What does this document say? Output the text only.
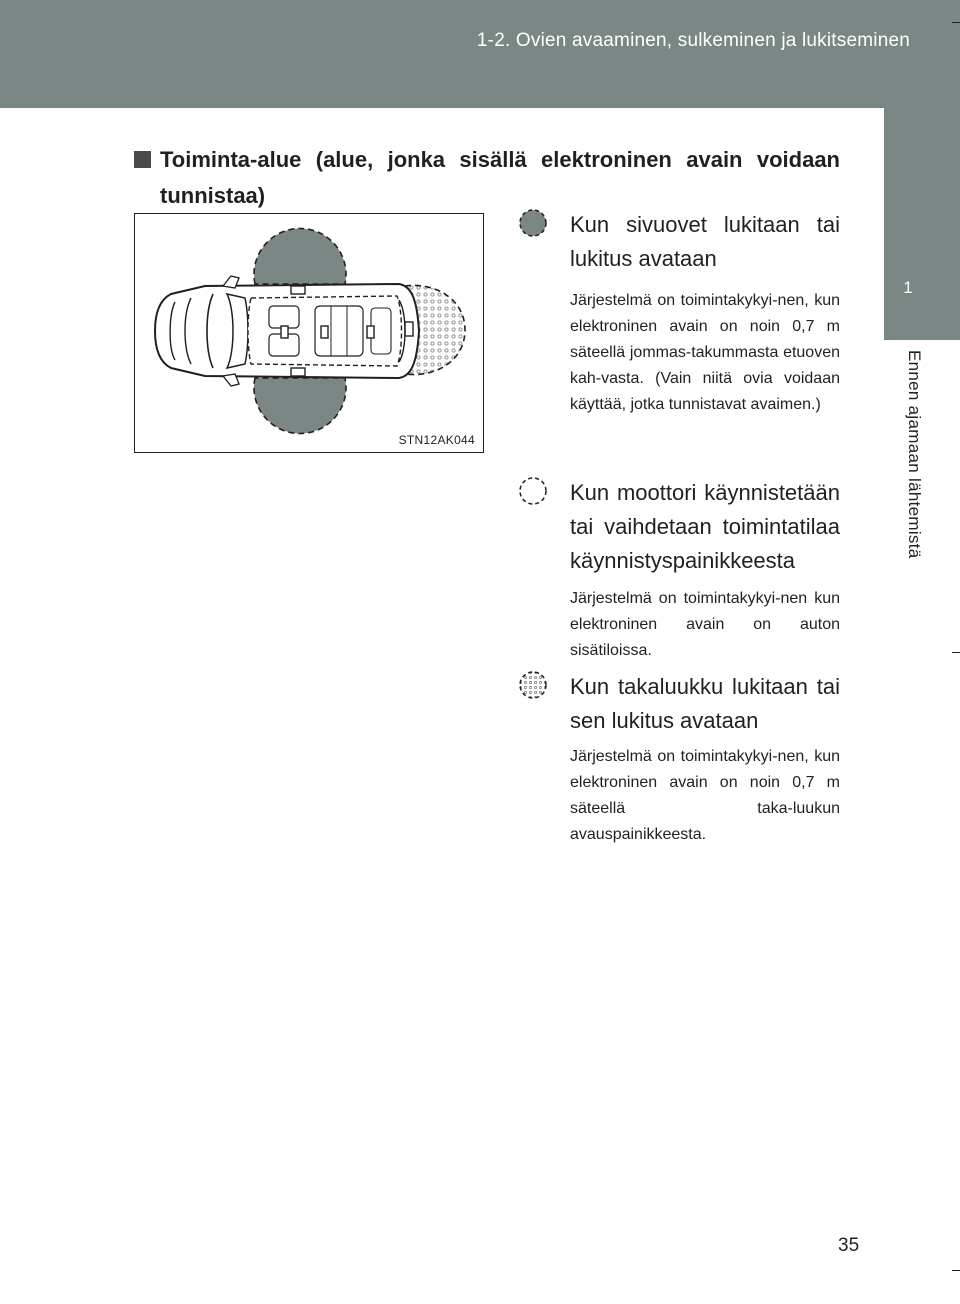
1-2. Ovien avaaminen, sulkeminen ja lukitseminen
1
Ennen ajamaan lähtemistä
Toiminta-alue (alue, jonka sisällä elektroninen avain voidaan
tunnistaa)
STN12AK044
Kun sivuovet lukitaan tai lukitus avataan
Järjestelmä on toimintakykyi-nen, kun elektroninen avain on noin 0,7 m säteellä jommas-takummasta etuoven kah-vasta. (Vain niitä ovia voidaan käyttää, jotka tunnistavat avaimen.)
Kun moottori käynnistetään tai vaihdetaan toimintatilaa käynnistyspainikkeesta
Järjestelmä on toimintakykyi-nen kun elektroninen avain on auton sisätiloissa.
Kun takaluukku lukitaan tai sen lukitus avataan
Järjestelmä on toimintakykyi-nen, kun elektroninen avain on noin 0,7 m säteellä taka-luukun avauspainikkeesta.
35
